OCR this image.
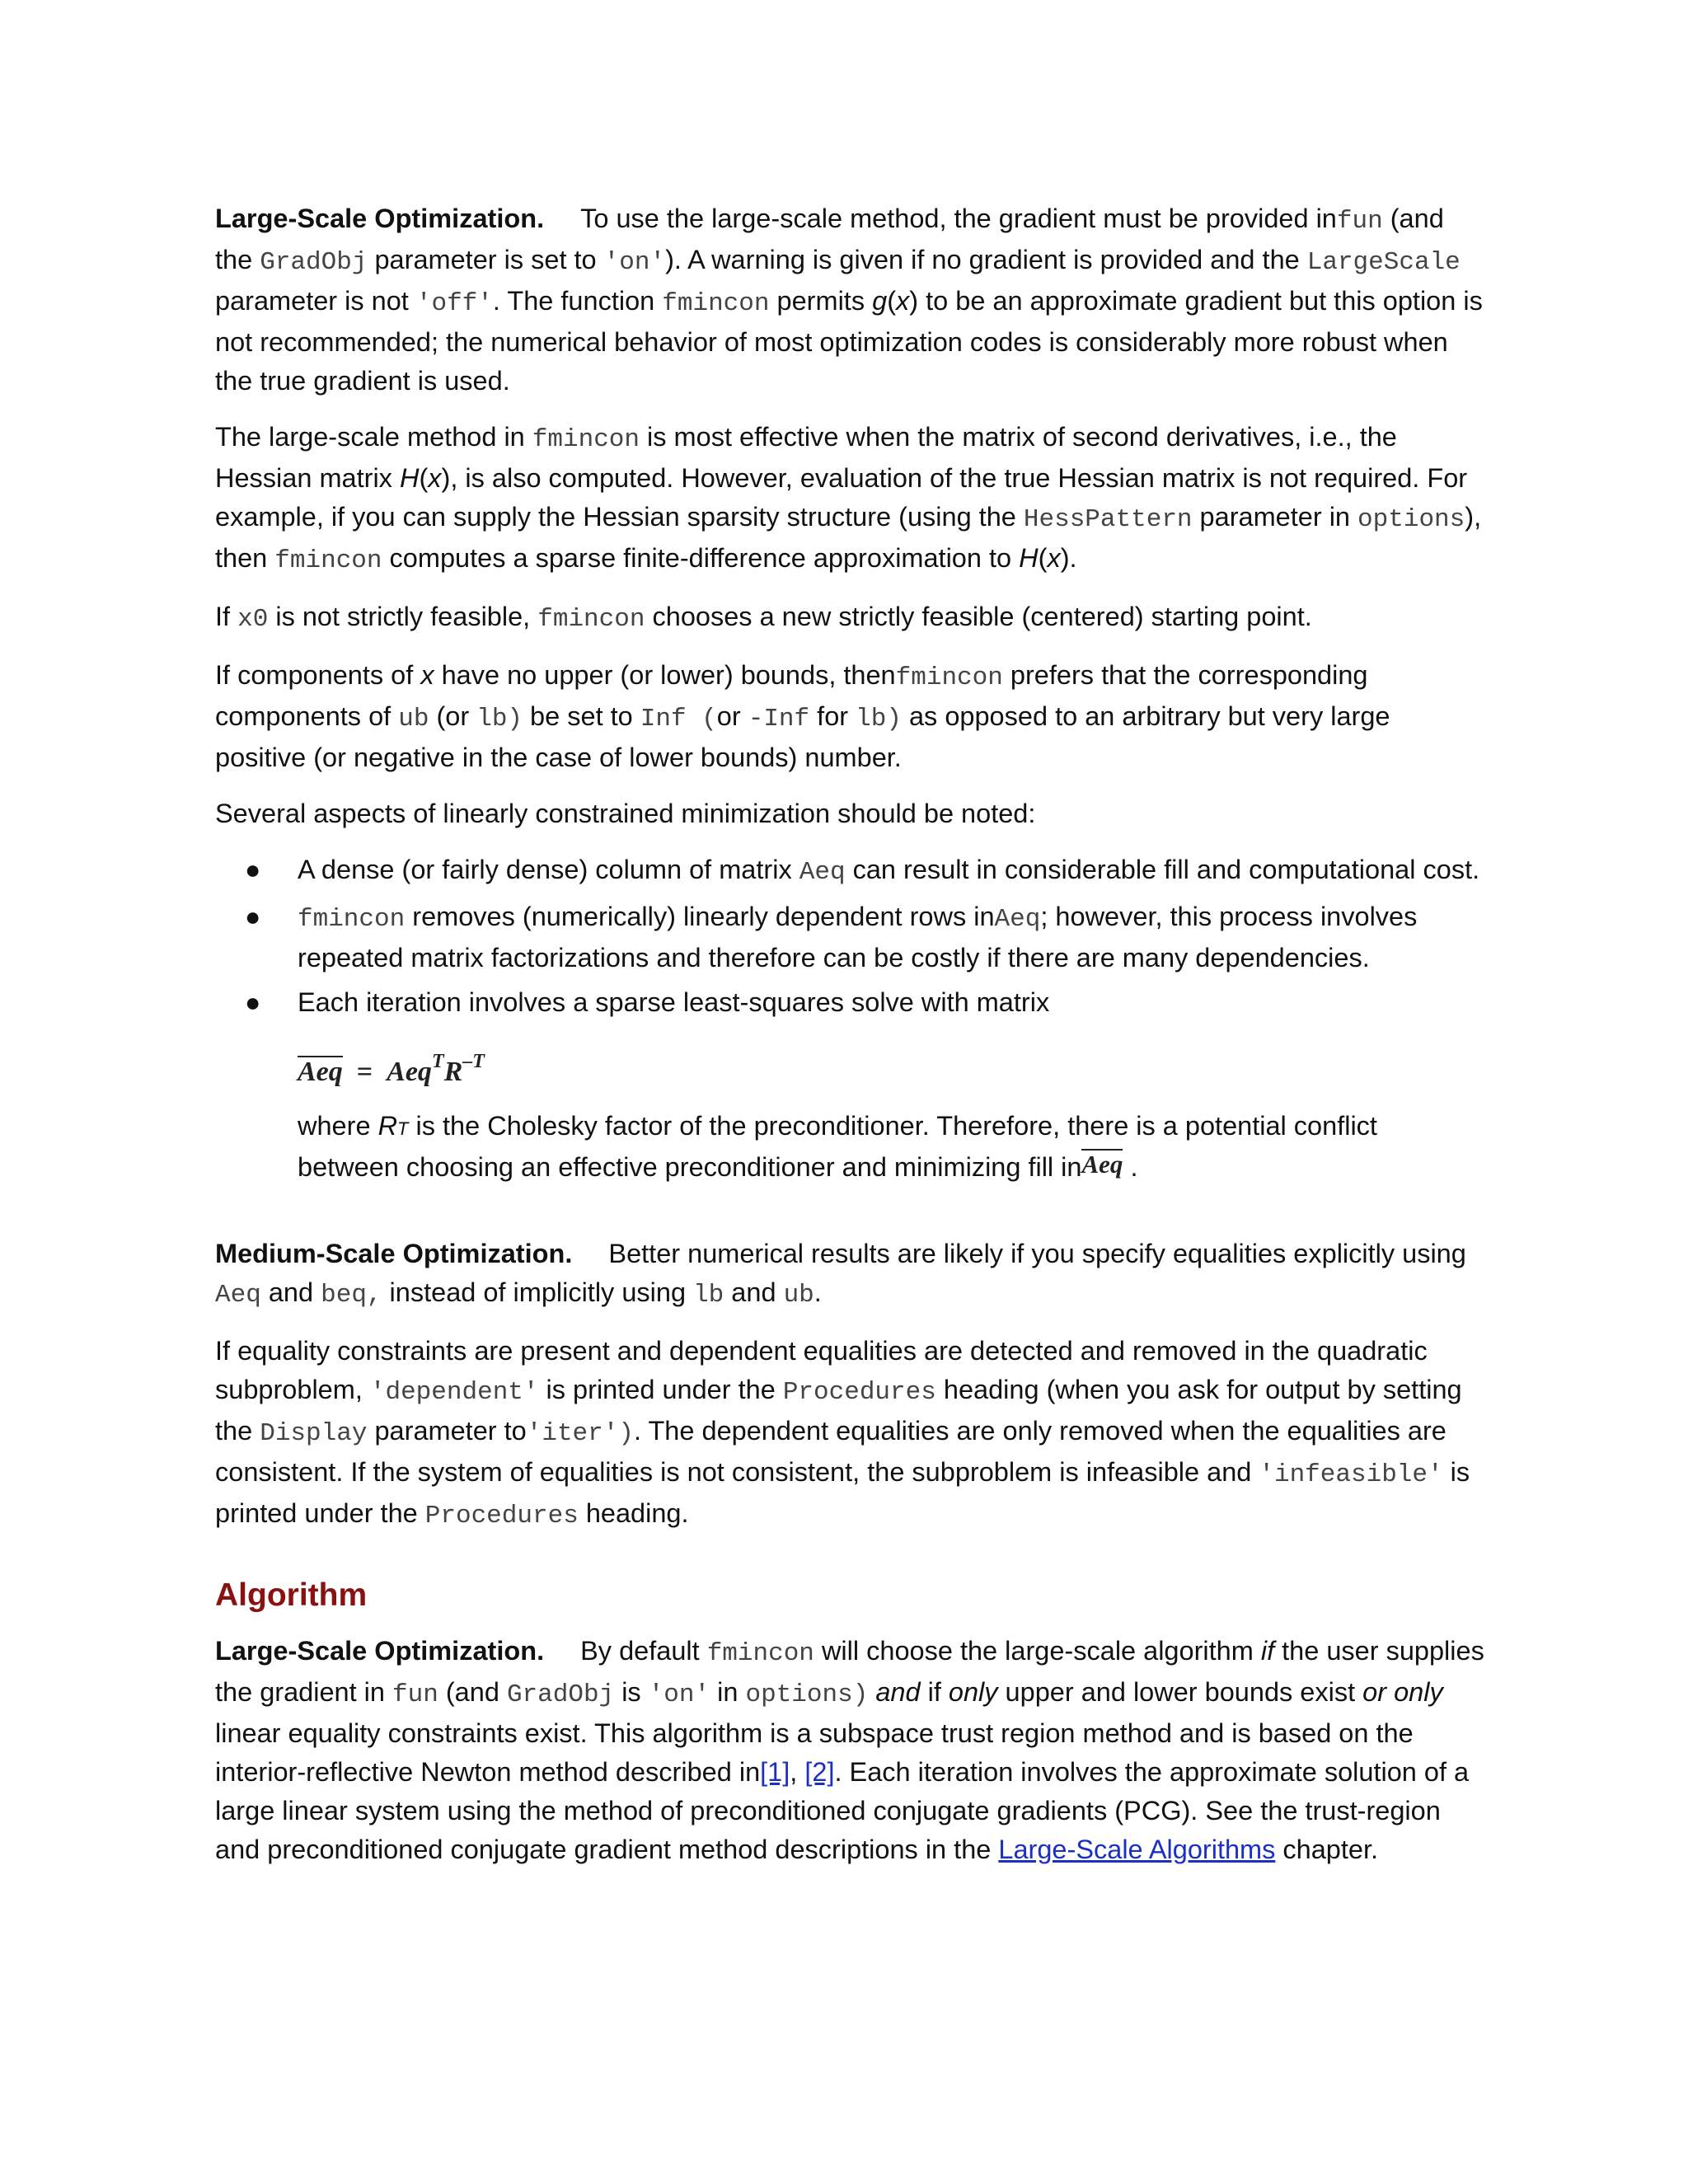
Large-Scale Optimization. To use the large-scale method, the gradient must be provided infun (and the GradObj parameter is set to 'on'). A warning is given if no gradient is provided and the LargeScale parameter is not 'off'. The function fmincon permits g(x) to be an approximate gradient but this option is not recommended; the numerical behavior of most optimization codes is considerably more robust when the true gradient is used.

The large-scale method in fmincon is most effective when the matrix of second derivatives, i.e., the Hessian matrix H(x), is also computed. However, evaluation of the true Hessian matrix is not required. For example, if you can supply the Hessian sparsity structure (using the HessPattern parameter in options), then fmincon computes a sparse finite-difference approximation to H(x).

If x0 is not strictly feasible, fmincon chooses a new strictly feasible (centered) starting point.

If components of x have no upper (or lower) bounds, thenfmincon prefers that the corresponding components of ub (or lb) be set to Inf (or -Inf for lb) as opposed to an arbitrary but very large positive (or negative in the case of lower bounds) number.

Several aspects of linearly constrained minimization should be noted:

● A dense (or fairly dense) column of matrix Aeq can result in considerable fill and computational cost.
● fmincon removes (numerically) linearly dependent rows inAeq; however, this process involves repeated matrix factorizations and therefore can be costly if there are many dependencies.
● Each iteration involves a sparse least-squares solve with matrix
Aeq = $Aeq^TR^{-T}$
where RT is the Cholesky factor of the preconditioner. Therefore, there is a potential conflict between choosing an effective preconditioner and minimizing fill inAeq .

Medium-Scale Optimization. Better numerical results are likely if you specify equalities explicitly using Aeq and beq, instead of implicitly using lb and ub.

If equality constraints are present and dependent equalities are detected and removed in the quadratic subproblem, 'dependent' is printed under the Procedures heading (when you ask for output by setting the Display parameter to'iter'). The dependent equalities are only removed when the equalities are consistent. If the system of equalities is not consistent, the subproblem is infeasible and 'infeasible' is printed under the Procedures heading.

Algorithm

Large-Scale Optimization. By default fmincon will choose the large-scale algorithm if the user supplies the gradient in fun (and GradObj is 'on' in options) and if only upper and lower bounds exist or only linear equality constraints exist. This algorithm is a subspace trust region method and is based on the interior-reflective Newton method described in[1], [2]. Each iteration involves the approximate solution of a large linear system using the method of preconditioned conjugate gradients (PCG). See the trust-region and preconditioned conjugate gradient method descriptions in the Large-Scale Algorithms chapter.
